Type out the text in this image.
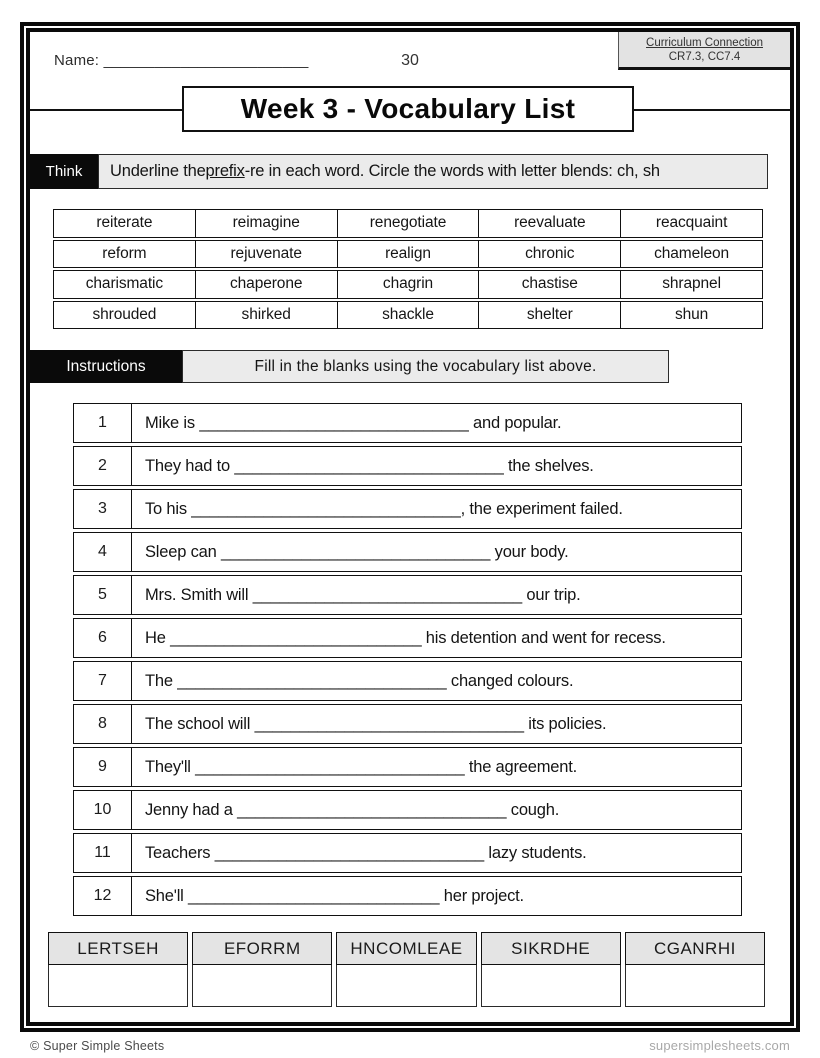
Name: ________________________	30
Curriculum Connection
CR7.3, CC7.4
Week 3 - Vocabulary List
Think	Underline the prefix -re in each word. Circle the words with letter blends: ch, sh
reiterate	reimagine	renegotiate	reevaluate	reacquaint
reform	rejuvenate	realign	chronic	chameleon
charismatic	chaperone	chagrin	chastise	shrapnel
shrouded	shirked	shackle	shelter	shun
Instructions	Fill in the blanks using the vocabulary list above.
1	Mike is ______________________________ and popular.
2	They had to ______________________________ the shelves.
3	To his ______________________________, the experiment failed.
4	Sleep can ______________________________ your body.
5	Mrs. Smith will ______________________________ our trip.
6	He ____________________________ his detention and went for recess.
7	The ______________________________ changed colours.
8	The school will ______________________________ its policies.
9	They'll ______________________________ the agreement.
10	Jenny had a ______________________________ cough.
11	Teachers ______________________________ lazy students.
12	She'll ____________________________ her project.
LERTSEH	EFORRM	HNCOMLEAE	SIKRDHE	CGANRHI
© Super Simple Sheets	supersimplesheets.com
